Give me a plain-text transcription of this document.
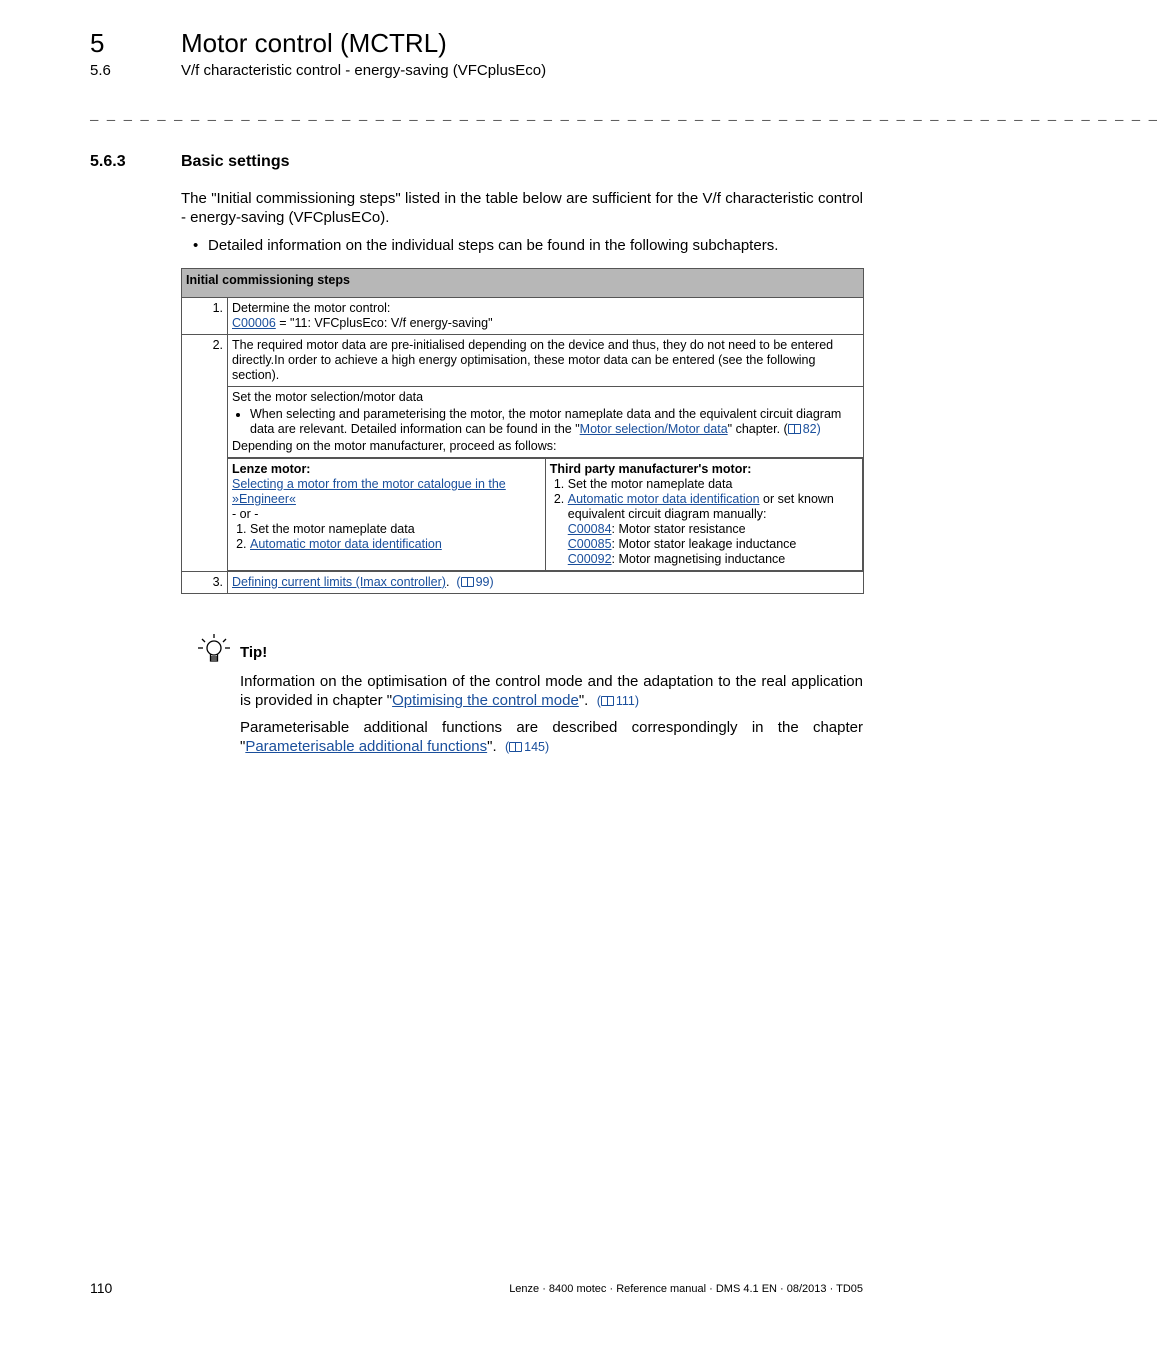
5	Motor control (MCTRL)
5.6	V/f characteristic control - energy-saving (VFCplusEco)
_ _ _ _ _ _ _ _ _ _ _ _ _ _ _ _ _ _ _ _ _ _ _ _ _ _ _ _ _ _ _ _ _ _ _ _ _ _ _ _ _ _ _ _ _ _ _ _ _ _ _ _ _ _ _ _ _ _ _ _ _ _ _ _
5.6.3	Basic settings
The "Initial commissioning steps" listed in the table below are sufficient for the V/f characteristic control - energy-saving (VFCplusECo).
• Detailed information on the individual steps can be found in the following subchapters.
Initial commissioning steps
1.	Determine the motor control:
C00006 = "11: VFCplusEco: V/f energy-saving"

2.	The required motor data are pre-initialised depending on the device and thus, they do not need to be entered directly.In order to achieve a high energy optimisation, these motor data can be entered (see the following section).

Set the motor selection/motor data
• When selecting and parameterising the motor, the motor nameplate data and the equivalent circuit diagram data are relevant. Detailed information can be found in the "Motor selection/Motor data" chapter. ( 82)
Depending on the motor manufacturer, proceed as follows:

Lenze motor:
Selecting a motor from the motor catalogue in the »Engineer«
- or -
1. Set the motor nameplate data
2. Automatic motor data identification

Third party manufacturer's motor:
1. Set the motor nameplate data
2. Automatic motor data identification or set known equivalent circuit diagram manually:
C00084: Motor stator resistance
C00085: Motor stator leakage inductance
C00092: Motor magnetising inductance

3.	Defining current limits (Imax controller). ( 99)
Tip!
Information on the optimisation of the control mode and the adaptation to the real application is provided in chapter "Optimising the control mode". ( 111)
Parameterisable additional functions are described correspondingly in the chapter "Parameterisable additional functions". ( 145)
110	Lenze · 8400 motec · Reference manual · DMS 4.1 EN · 08/2013 · TD05
